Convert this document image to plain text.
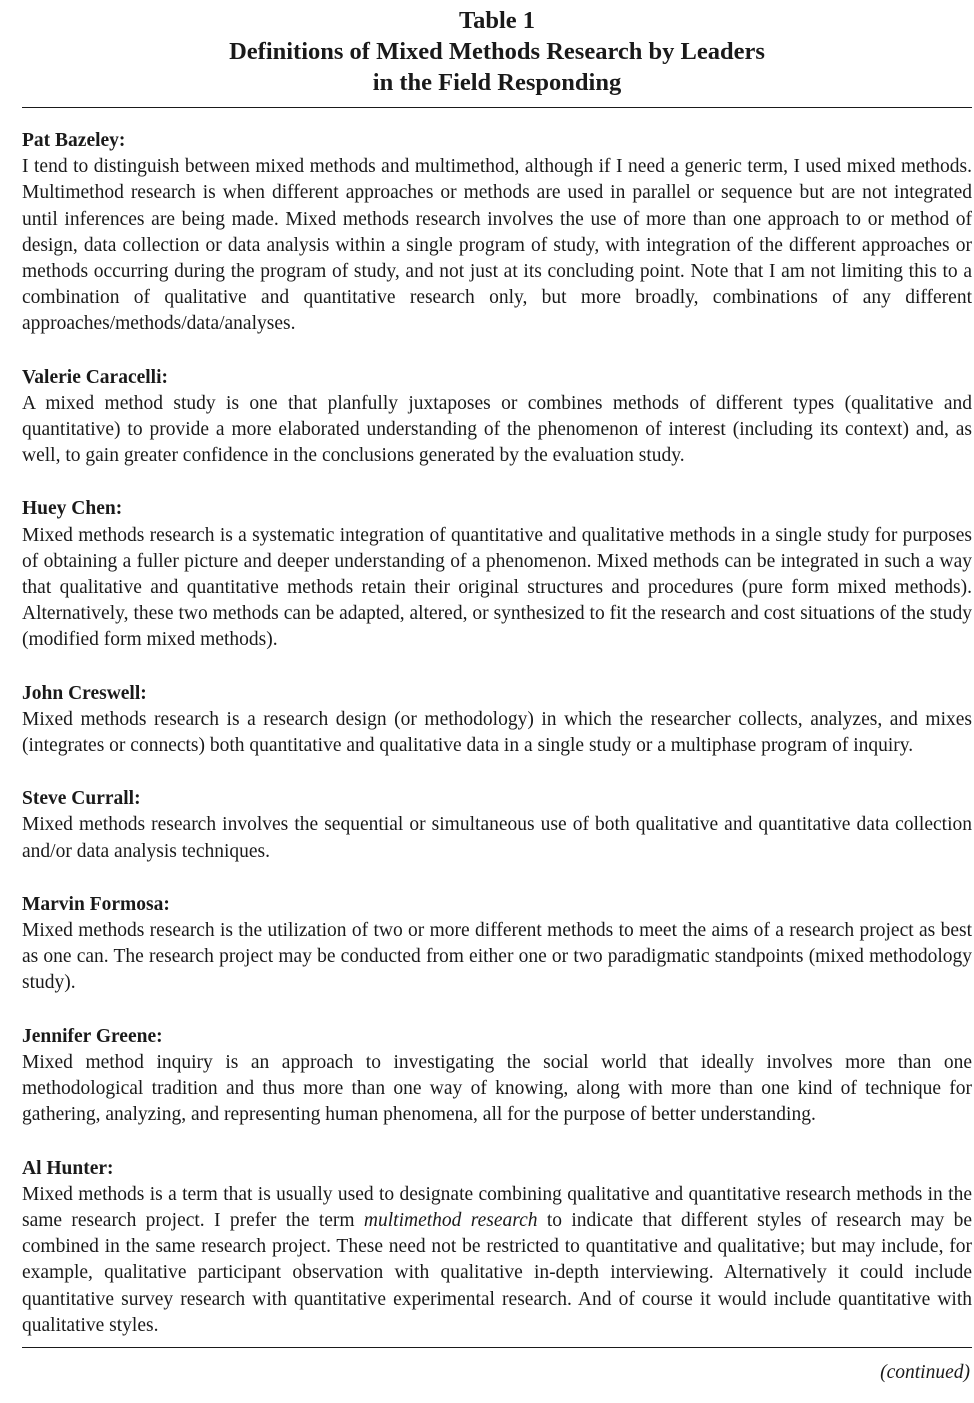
Table 1
Definitions of Mixed Methods Research by Leaders
in the Field Responding
Pat Bazeley:

I tend to distinguish between mixed methods and multimethod, although if I need a generic term, I used mixed methods. Multimethod research is when different approaches or methods are used in parallel or sequence but are not integrated until inferences are being made. Mixed methods research involves the use of more than one approach to or method of design, data collection or data analysis within a single program of study, with integration of the different approaches or methods occurring during the program of study, and not just at its concluding point. Note that I am not limiting this to a combination of qualitative and quantitative research only, but more broadly, combinations of any different approaches/methods/data/analyses.

Valerie Caracelli:

A mixed method study is one that planfully juxtaposes or combines methods of different types (qualitative and quantitative) to provide a more elaborated understanding of the phenomenon of interest (including its context) and, as well, to gain greater confidence in the conclusions generated by the evaluation study.

Huey Chen:

Mixed methods research is a systematic integration of quantitative and qualitative methods in a single study for purposes of obtaining a fuller picture and deeper understanding of a phenomenon. Mixed methods can be integrated in such a way that qualitative and quantitative methods retain their original structures and procedures (pure form mixed methods). Alternatively, these two methods can be adapted, altered, or synthesized to fit the research and cost situations of the study (modified form mixed methods).

John Creswell:

Mixed methods research is a research design (or methodology) in which the researcher collects, analyzes, and mixes (integrates or connects) both quantitative and qualitative data in a single study or a multiphase program of inquiry.

Steve Currall:

Mixed methods research involves the sequential or simultaneous use of both qualitative and quantitative data collection and/or data analysis techniques.

Marvin Formosa:

Mixed methods research is the utilization of two or more different methods to meet the aims of a research project as best as one can. The research project may be conducted from either one or two paradigmatic standpoints (mixed methodology study).

Jennifer Greene:

Mixed method inquiry is an approach to investigating the social world that ideally involves more than one methodological tradition and thus more than one way of knowing, along with more than one kind of technique for gathering, analyzing, and representing human phenomena, all for the purpose of better understanding.

Al Hunter:

Mixed methods is a term that is usually used to designate combining qualitative and quantitative research methods in the same research project. I prefer the term multimethod research to indicate that different styles of research may be combined in the same research project. These need not be restricted to quantitative and qualitative; but may include, for example, qualitative participant observation with qualitative in-depth interviewing. Alternatively it could include quantitative survey research with quantitative experimental research. And of course it would include quantitative with qualitative styles.

(continued)
